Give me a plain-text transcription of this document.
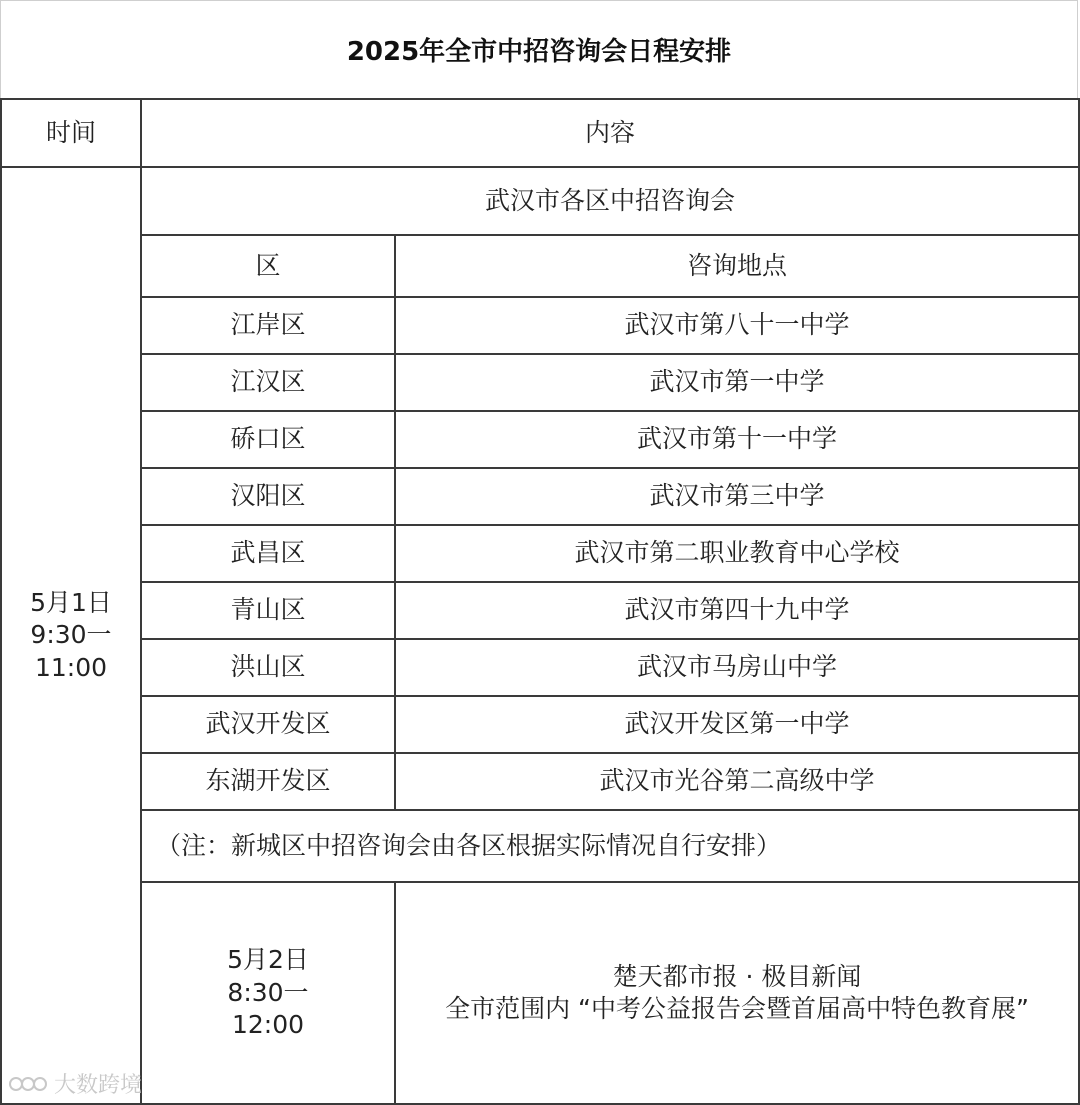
2025年全市中招咨询会日程安排
时间	内容	

5月1日
9:30一
11:00	武汉市各区中招咨询会	
	区	咨询地点
	江岸区	武汉市第八十一中学
	江汉区	武汉市第一中学
	硚口区	武汉市第十一中学
	汉阳区	武汉市第三中学
	武昌区	武汉市第二职业教育中心学校
	青山区	武汉市第四十九中学
	洪山区	武汉市马房山中学
	武汉开发区	武汉开发区第一中学
	东湖开发区	武汉市光谷第二高级中学
	（注：新城区中招咨询会由各区根据实际情况自行安排）	

	5月2日
8:30一
12:00	楚天都市报 · 极目新闻
全市范围内 “中考公益报告会暨首届高中特色教育展”
大数跨境
